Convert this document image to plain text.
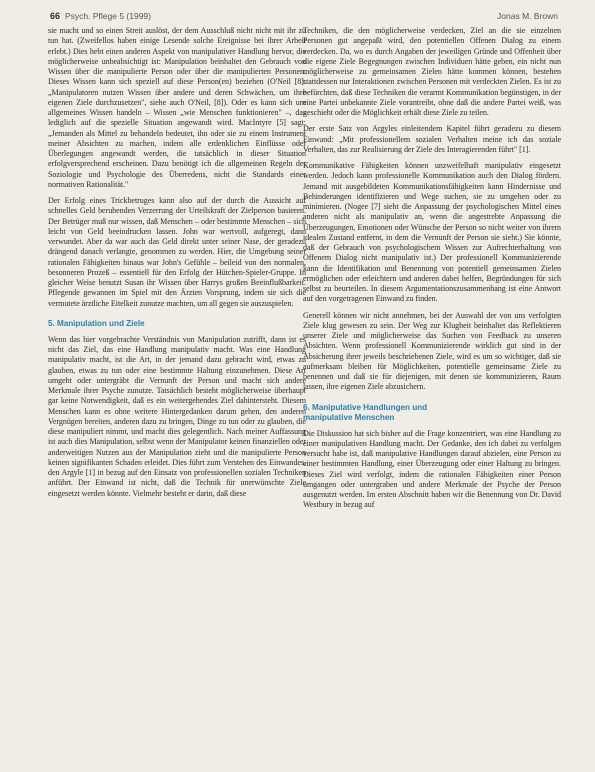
66 Psych. Pflege 5 (1999)	Jonas M. Brown

sie macht und so einen Streit auslöst, der dem Ausschluß nicht nicht mit ihr zu tun hat. (Zweifellos haben einige Lesende solche Ereignisse bei ihrer Arbeit erlebt.) Dies hebt einen anderen Aspekt von manipulativer Handlung hervor, die möglicherweise unbeabsichtigt ist: Manipulation beinhaltet den Gebrauch von Wissen über die manipulierte Person oder über die manipulierten Personen. Dieses Wissen kann sich speziell auf diese Person(en) beziehen (O'Neil [8]: „Manipulatoren nutzen Wissen über andere und deren Schwächen, um ihre eigenen Ziele durchzusetzen", siehe auch O'Neil, [8]). Oder es kann sich um allgemeines Wissen handeln – Wissen „wie Menschen funktionieren" –, das lediglich auf die spezielle Situation angewandt wird. MacIntyre [5] sagt: „Jemanden als Mittel zu behandeln bedeutet, ihn oder sie zu einem Instrument meiner Absichten zu machen, indem alle erdenklichen Einflüsse oder Überlegungen angewandt werden, die tatsächlich in dieser Situation erfolgversprechend erscheinen. Dazu benötigt ich die allgemeinen Regeln der Soziologie und Psychologie des Überredens, nicht die Standards einer normativen Rationalität."

Der Erfolg eines Trickbetruges kann also auf der durch die Aussicht auf schnelles Geld beruhenden Verzerrung der Urteilskraft der Zielperson basieren. Der Betrüger muß nur wissen, daß Menschen – oder bestimmte Menschen – sich leicht von Geld beeindrucken lassen. John war wertvoll, aufgeregt, dann verwundet. Aber da war auch das Geld direkt unter seiner Nase, der geradezu drängend danach verlangte, genommen zu werden. Hier, die Umgebung seiner rationalen Fähigkeiten hinaus war John's Gefühle – beileid von den normalen, besonneren Prozeß – essentiell für den Erfolg der Hütchen-Spieler-Gruppe. In gleicher Weise benutzt Susan ihr Wissen über Harrys großen Beeinflußbarkeit. Pflegende gewannen im Spiel mit den Ärzten Vorsprung, indem sie sich die vermutete ärztliche Eitelkeit zunutze machten, um all gegen sie auszuspielen.

5. Manipulation und Ziele

Wenn das hier vorgebrachte Verständnis von Manipulation zutrifft, dann ist es nicht das Ziel, das eine Handlung manipulativ macht. Was eine Handlung manipulativ macht, ist die Art, in der jemand dazu gebracht wird, etwas zu glauben, etwas zu tun oder eine bestimmte Haltung einzunehmen. Diese Art umgeht oder untergräbt die Vernunft der Person und macht sich andere Merkmale ihrer Psyche zunutze. Tatsächlich besteht möglicherweise überhaupt gar keine Notwendigkeit, daß es ein weitergehendes Ziel dahintersteht. Diesem Menschen kann es ohne weitere Hintergedanken darum gehen, den anderen Vergnügen bereiten, anderen dazu zu bringen, Dinge zu tun oder zu glauben, die diese manipuliert nimmt, und macht dies gelegentlich. Nach meiner Auffassung ist auch dies Manipulation, selbst wenn der Manipulator keinen finanziellen oder anderweitigen Nutzen aus der Manipulation zieht und die manipulierte Person keinen signifikanten Schaden erleidet. Dies führt zum Verstehen des Einwandes, den Argyle [1] in bezug auf den Einsatz von professionellen sozialen Techniken anführt. Der Einwand ist nicht, daß die Technik für unerwünschte Ziele eingesetzt werden könnte. Vielmehr besteht er darin, daß diese

Techniken, die den möglicherweise verdecken, Ziel an die sie einzelnen Personen gut angepaßt wird, den potentiellen Offenen Dialog zu einem verdecken. Da, wo es durch Angaben der jeweiligen Gründe und Offenheit über die eigene Ziele Begegnungen zwischen Individuen hätte geben, ein nicht nun möglicherweise zu gemeinsamen Zielen hätte kommen können, bestehen stattdessen nur Interaktionen zwischen Personen mit verdeckten Zielen. Es ist zu befürchten, daß diese Techniken die verarmt Kommunikation begünstigen, in der eine Partei unbekannte Ziele vorantreibt, ohne daß die andere Partei weiß, was geschieht oder die Möglichkeit erhält diese Ziele zu teilen.

Der erste Satz von Argyles einleitendem Kapitel führt geradezu zu diesem Einwand: „Mit professionellem sozialen Verhalten meine ich das soziale Verhalten, das zur Realisierung der Ziele des Interagierenden führt" [1].

Kommunikative Fähigkeiten können unzweifelhaft manipulativ eingesetzt werden. Jedoch kann professionelle Kommunikation auch den Dialog fördern. Jemand mit ausgebildeten Kommunikationsfähigkeiten kann Hindernisse und Behinderungen identifizieren und Wege suchen, sie zu umgehen oder zu minimieren. (Nogee [7] sieht die Anpassung der psychologischen Mittel eines anderen nicht als manipulativ an, wenn die angestrebte Anpassung die Überzeugungen, Emotionen oder Wünsche der Person so nicht weiter von ihrem idealen Zustand entfernt, in dem die Vernunft der Person sie sieht.) Sie könnte, daß der Gebrauch von psychologischem Wissen zur Aufrechterhaltung von Offenem Dialog nicht manipulativ ist.) Der professionell Kommunizierende kann die Identifikation und Benennung von potentiell gemeinsamen Zielen ermöglichen oder erleichtern und anderen dabei helfen, Begründungen für sich selbst zu beurteilen. In diesem Argumentationszusammenhang ist eine Antwort auf den vorgetragenen Einwand zu finden.

Generell können wir nicht annehmen, bei der Auswahl der von uns verfolgten Ziele klug gewesen zu sein. Der Weg zur Klugheit beinhaltet das Reflektieren unserer Ziele und möglicherweise das Suchen von Feedback zu unseren Absichten. Wenn professionell Kommunizierende wirklich gut sind in der Absicherung ihrer jeweils beschriebenen Ziele, wird es um so wichtiger, daß sie aufmerksam bleiben für Möglichkeiten, potentielle gemeinsame Ziele zu benennen und daß sie für diejenigen, mit denen sie kommunizieren, Raum lassen, ihre eigenen Ziele abzusichern.

6. Manipulative Handlungen und
manipulative Menschen

Die Diskussion hat sich bisher auf die Frage konzentriert, was eine Handlung zu einer manipulativen Handlung macht. Der Gedanke, den ich dabei zu verfolgen versucht habe ist, daß manipulative Handlungen darauf abzielen, eine Person zu einer bestimmten Handlung, einer Überzeugung oder einer Haltung zu bringen. Dieses Ziel wird verfolgt, indem die rationalen Fähigkeiten einer Person umgangen oder untergraben und andere Merkmale der Psyche der Person ausgenutzt werden. Im ersten Abschnitt haben wir die Benennung von Dr. David Westbury in bezug auf
